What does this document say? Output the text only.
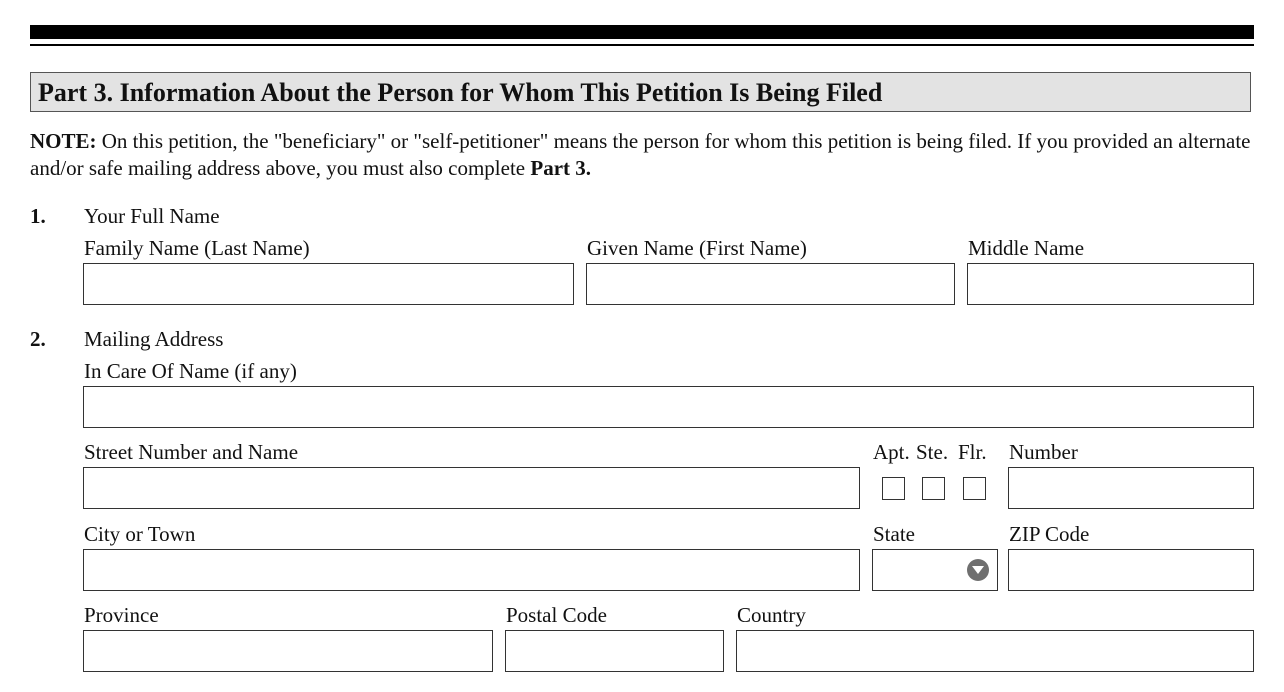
Part 3. Information About the Person for Whom This Petition Is Being Filed
NOTE: On this petition, the "beneficiary" or "self-petitioner" means the person for whom this petition is being filed. If you provided an alternate and/or safe mailing address above, you must also complete Part 3.
1. Your Full Name
Family Name (Last Name)	Given Name (First Name)	Middle Name
2. Mailing Address
In Care Of Name (if any)
Street Number and Name	Apt. Ste. Flr. Number
City or Town	State	ZIP Code
Province	Postal Code	Country
